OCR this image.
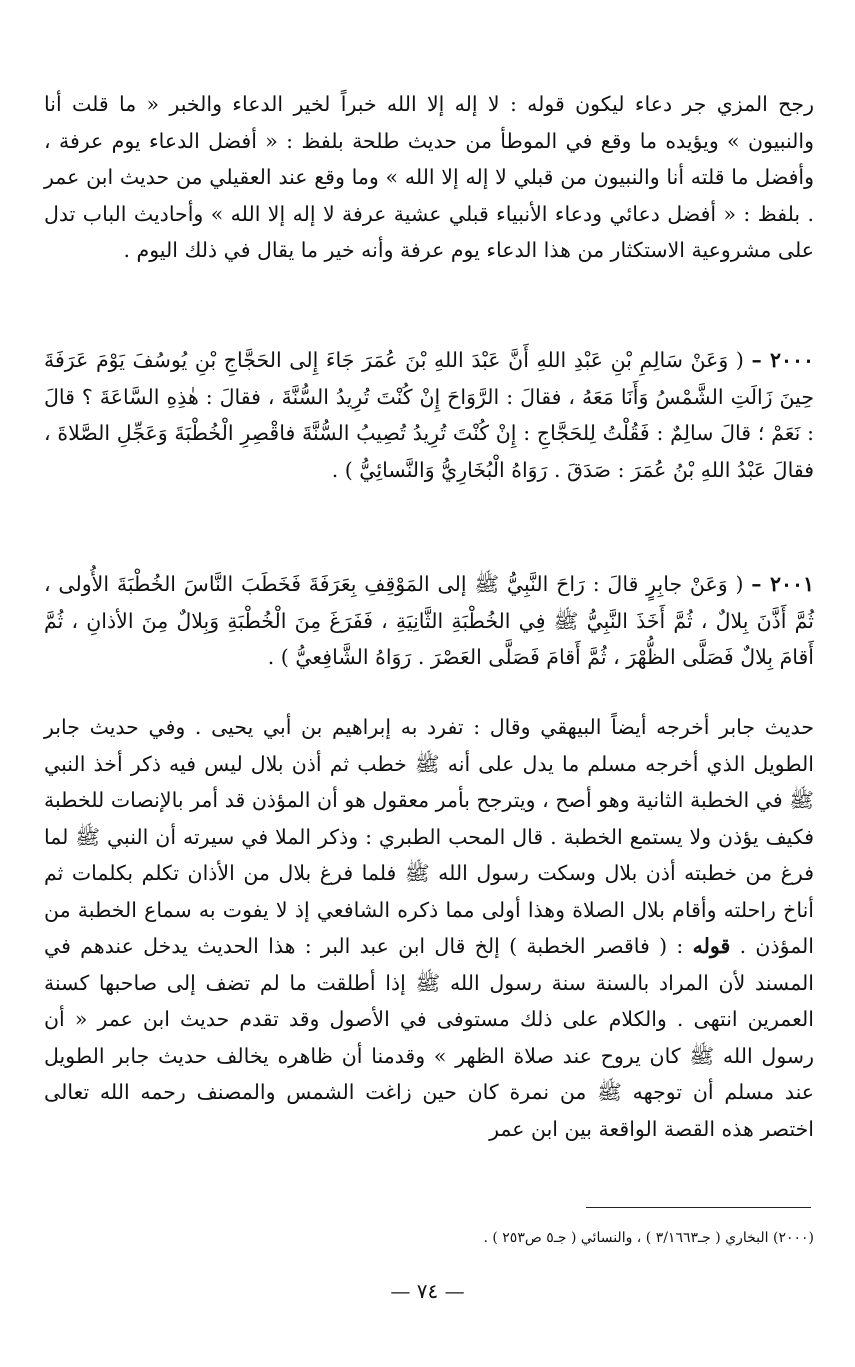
رجح المزي جر دعاء ليكون قوله : لا إله إلا الله خبراً لخير الدعاء والخبر « ما قلت أنا والنبيون » ويؤيده ما وقع في الموطأ من حديث طلحة بلفظ : « أفضل الدعاء يوم عرفة ، وأفضل ما قلته أنا والنبيون من قبلي لا إله إلا الله » وما وقع عند العقيلي من حديث ابن عمر . بلفظ : « أفضل دعائي ودعاء الأنبياء قبلي عشية عرفة لا إله إلا الله » وأحاديث الباب تدل على مشروعية الاستكثار من هذا الدعاء يوم عرفة وأنه خير ما يقال في ذلك اليوم .

٢٠٠٠ – ( وَعَنْ سَالِمِ بْنِ عَبْدِ اللهِ أَنَّ عَبْدَ اللهِ بْنَ عُمَرَ جَاءَ إِلى الحَجَّاجِ بْنِ يُوسُفَ يَوْمَ عَرَفَةَ حِينَ زَالَتِ الشَّمْسُ وَأَنَا مَعَهُ ، فقالَ : الرَّوَاحَ إِنْ كُنْتَ تُرِيدُ السُّنَّةَ ، فقالَ : هٰذِهِ السَّاعَةَ ؟ قالَ : نَعَمْ ؛ قالَ سالِمٌ : فَقُلْتُ لِلحَجَّاجِ : إِنْ كُنْتَ تُرِيدُ تُصِيبُ السُّنَّةَ فاقْصِرِ الْخُطْبَةَ وَعَجِّلِ الصَّلاةَ ، فقالَ عَبْدُ اللهِ بْنُ عُمَرَ : صَدَقَ . رَوَاهُ الْبُخَارِيُّ وَالنَّسائِيُّ ) .

٢٠٠١ – ( وَعَنْ جابِرٍ قالَ : رَاحَ النَّبِيُّ ﷺ إلى المَوْقِفِ بِعَرَفَةَ فَخَطَبَ النَّاسَ الخُطْبَةَ الأُولى ، ثُمَّ أَذَّنَ بِلالٌ ، ثُمَّ أَخَذَ النَّبِيُّ ﷺ فِي الخُطْبَةِ الثَّانِيَةِ ، فَفَرَغَ مِنَ الْخُطْبَةِ وَبِلالٌ مِنَ الأذانِ ، ثُمَّ أَقامَ بِلالٌ فَصَلَّى الظُّهْرَ ، ثُمَّ أَقامَ فَصَلَّى العَصْرَ . رَوَاهُ الشَّافِعيُّ ) .

حديث جابر أخرجه أيضاً البيهقي وقال : تفرد به إبراهيم بن أبي يحيى . وفي حديث جابر الطويل الذي أخرجه مسلم ما يدل على أنه ﷺ خطب ثم أذن بلال ليس فيه ذكر أخذ النبي ﷺ في الخطبة الثانية وهو أصح ، ويترجح بأمر معقول هو أن المؤذن قد أمر بالإنصات للخطبة فكيف يؤذن ولا يستمع الخطبة . قال المحب الطبري : وذكر الملا في سيرته أن النبي ﷺ لما فرغ من خطبته أذن بلال وسكت رسول الله ﷺ فلما فرغ بلال من الأذان تكلم بكلمات ثم أناخ راحلته وأقام بلال الصلاة وهذا أولى مما ذكره الشافعي إذ لا يفوت به سماع الخطبة من المؤذن . قوله : ( فاقصر الخطبة ) إلخ قال ابن عبد البر : هذا الحديث يدخل عندهم في المسند لأن المراد بالسنة سنة رسول الله ﷺ إذا أطلقت ما لم تضف إلى صاحبها كسنة العمرين انتهى . والكلام على ذلك مستوفى في الأصول وقد تقدم حديث ابن عمر « أن رسول الله ﷺ كان يروح عند صلاة الظهر » وقدمنا أن ظاهره يخالف حديث جابر الطويل عند مسلم أن توجهه ﷺ من نمرة كان حين زاغت الشمس والمصنف رحمه الله تعالى اختصر هذه القصة الواقعة بين ابن عمر

(٢٠٠٠) البخاري ( جـ٣/١٦٦٣ ) ، والنسائي ( جـ٥ ص٢٥٣ ) .
— ٧٤ —
